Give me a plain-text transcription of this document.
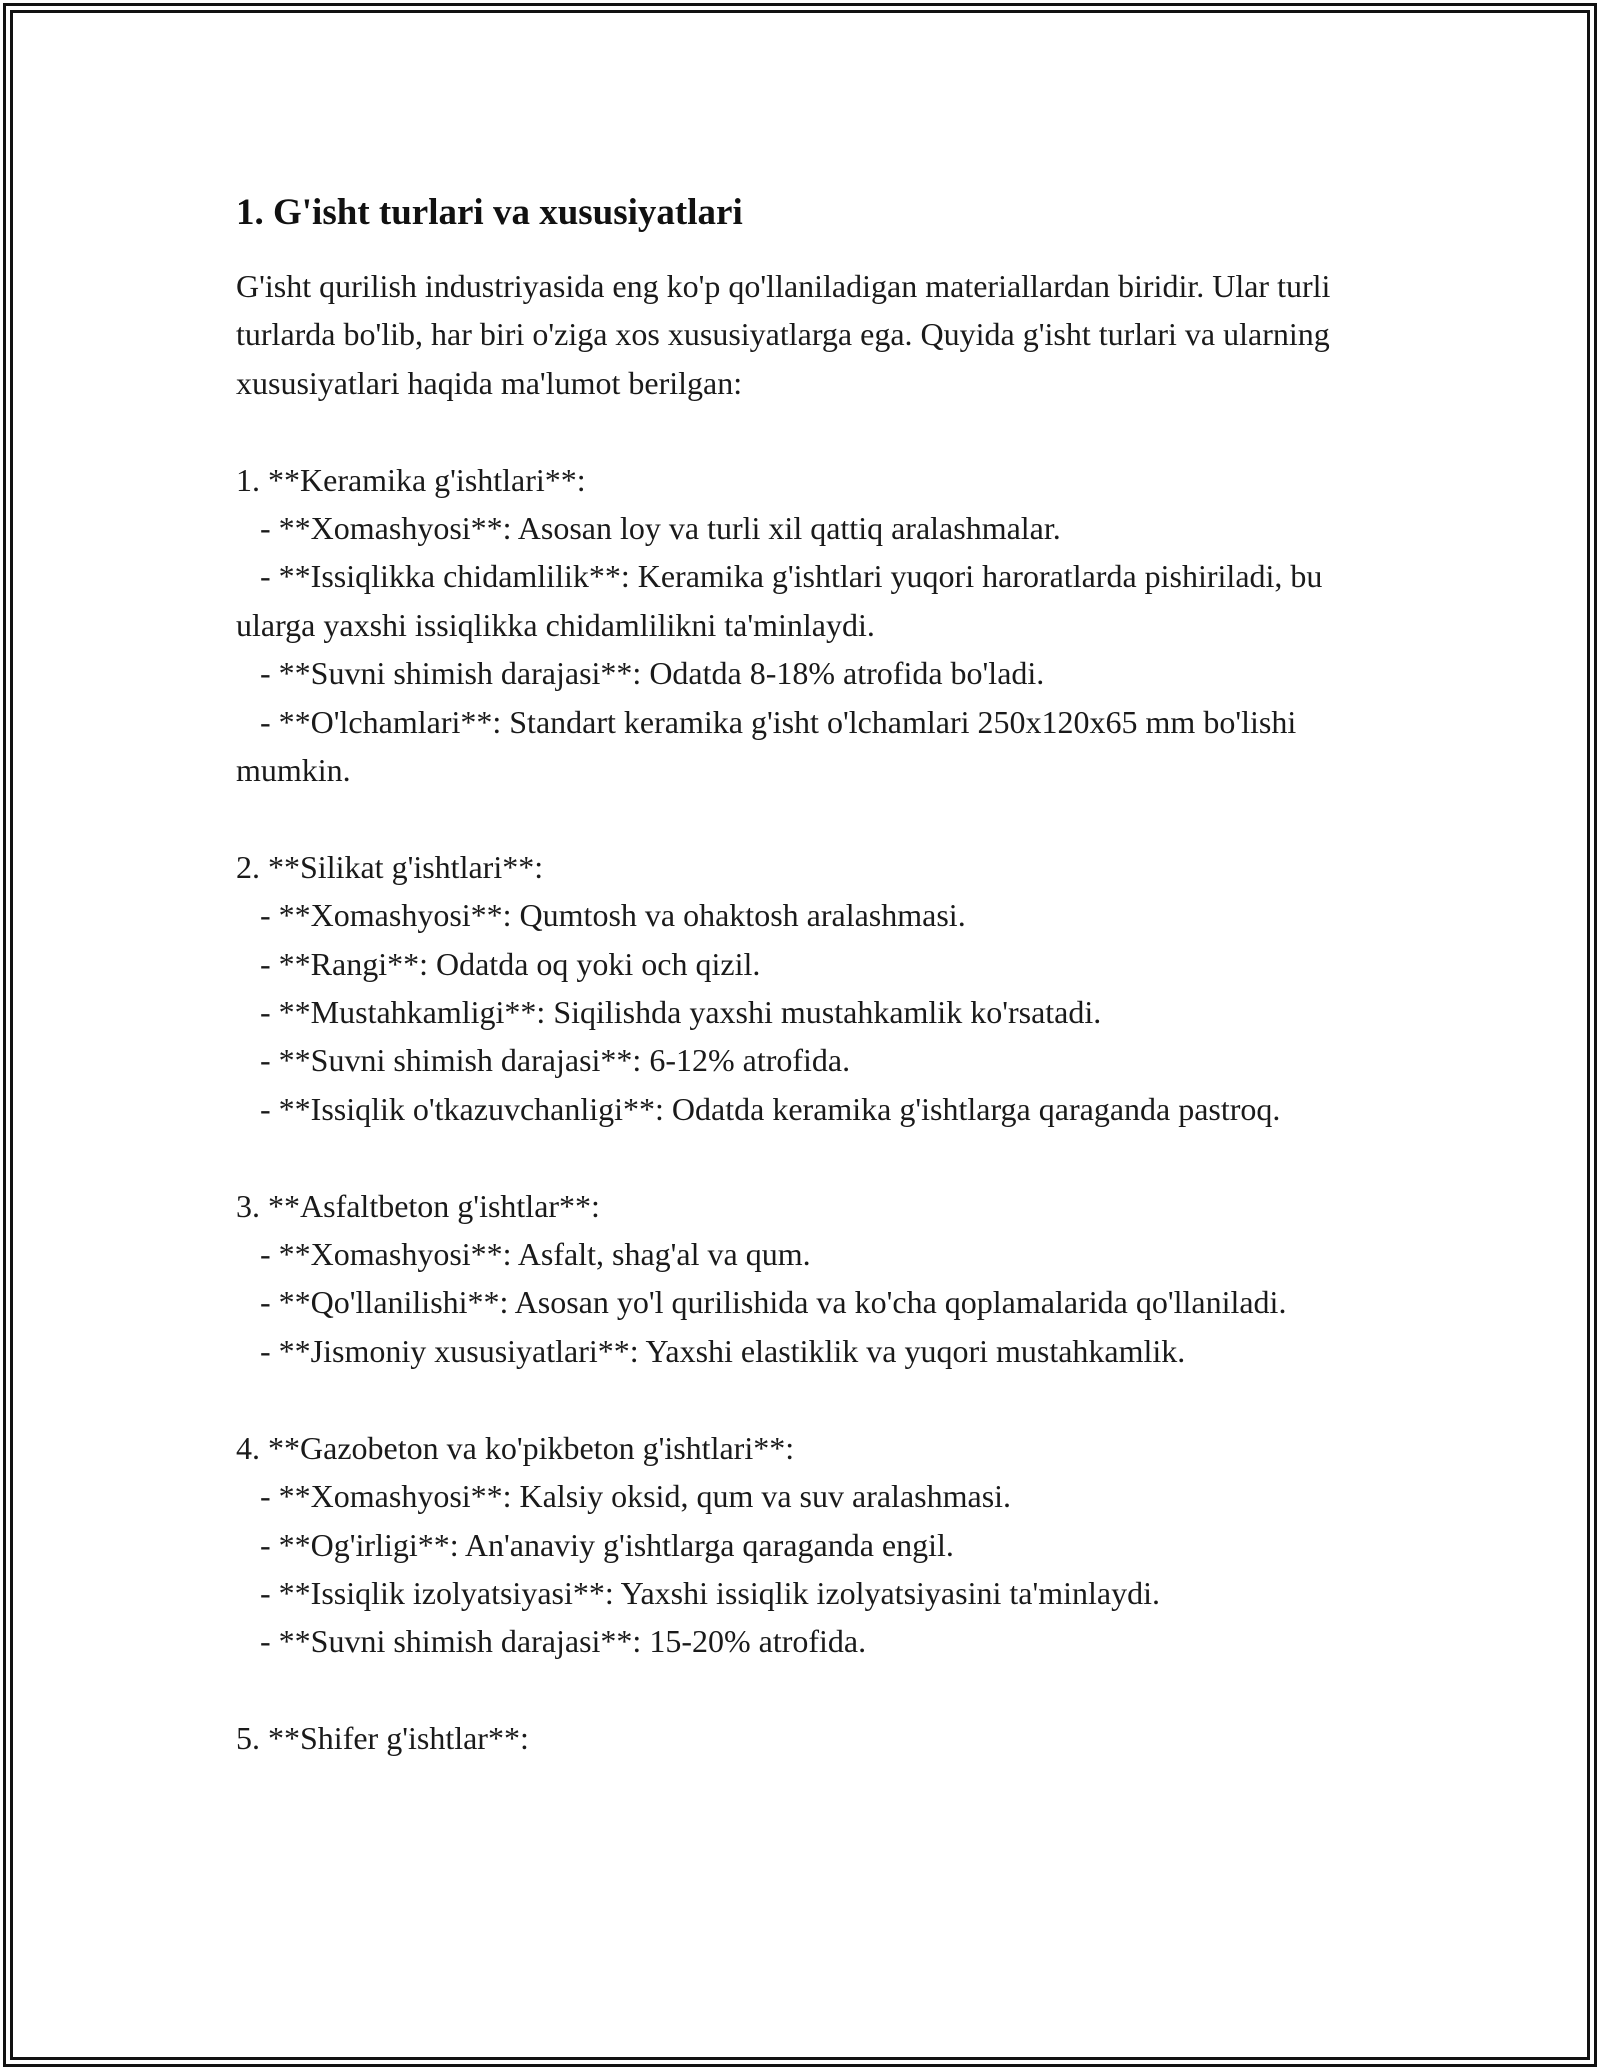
1. G'isht turlari va xususiyatlari

G'isht qurilish industriyasida eng ko'p qo'llaniladigan materiallardan biridir. Ular turli turlarda bo'lib, har biri o'ziga xos xususiyatlarga ega. Quyida g'isht turlari va ularning xususiyatlari haqida ma'lumot berilgan:

1. **Keramika g'ishtlari**:

- **Xomashyosi**: Asosan loy va turli xil qattiq aralashmalar.

- **Issiqlikka chidamlilik**: Keramika g'ishtlari yuqori haroratlarda pishiriladi, bu ularga yaxshi issiqlikka chidamlilikni ta'minlaydi.

- **Suvni shimish darajasi**: Odatda 8-18% atrofida bo'ladi.

- **O'lchamlari**: Standart keramika g'isht o'lchamlari 250x120x65 mm bo'lishi mumkin.

2. **Silikat g'ishtlari**:

- **Xomashyosi**: Qumtosh va ohaktosh aralashmasi.

- **Rangi**: Odatda oq yoki och qizil.

- **Mustahkamligi**: Siqilishda yaxshi mustahkamlik ko'rsatadi.

- **Suvni shimish darajasi**: 6-12% atrofida.

- **Issiqlik o'tkazuvchanligi**: Odatda keramika g'ishtlarga qaraganda pastroq.

3. **Asfaltbeton g'ishtlar**:

- **Xomashyosi**: Asfalt, shag'al va qum.

- **Qo'llanilishi**: Asosan yo'l qurilishida va ko'cha qoplamalarida qo'llaniladi.

- **Jismoniy xususiyatlari**: Yaxshi elastiklik va yuqori mustahkamlik.

4. **Gazobeton va ko'pikbeton g'ishtlari**:

- **Xomashyosi**: Kalsiy oksid, qum va suv aralashmasi.

- **Og'irligi**: An'anaviy g'ishtlarga qaraganda engil.

- **Issiqlik izolyatsiyasi**: Yaxshi issiqlik izolyatsiyasini ta'minlaydi.

- **Suvni shimish darajasi**: 15-20% atrofida.

5. **Shifer g'ishtlar**:
